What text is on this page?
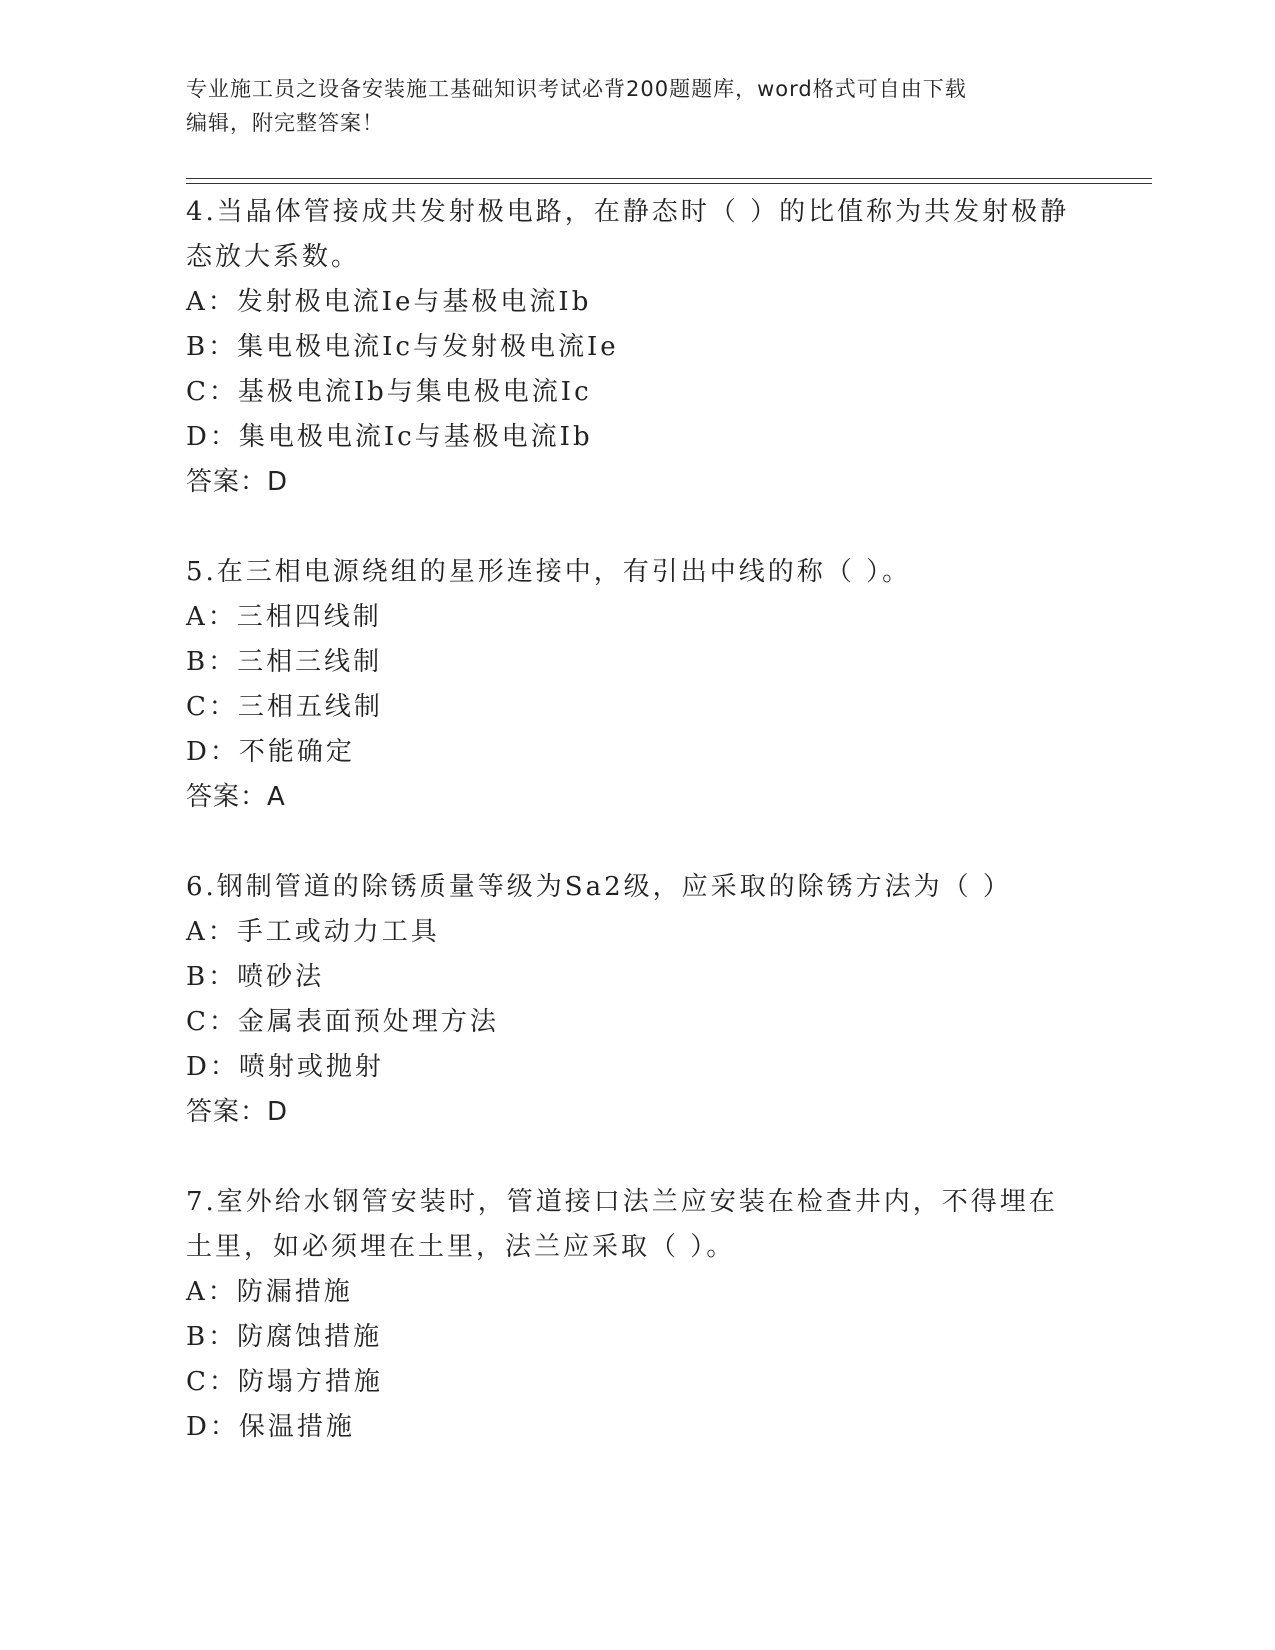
专业施工员之设备安装施工基础知识考试必背200题题库，word格式可自由下载
编辑，附完整答案！

4.当晶体管接成共发射极电路，在静态时（ ）的比值称为共发射极静态放大系数。

A：发射极电流Ie与基极电流Ib

B：集电极电流Ic与发射极电流Ie

C：基极电流Ib与集电极电流Ic

D：集电极电流Ic与基极电流Ib

答案：D

5.在三相电源绕组的星形连接中，有引出中线的称（ ）。

A：三相四线制

B：三相三线制

C：三相五线制

D：不能确定

答案：A

6.钢制管道的除锈质量等级为Sa2级，应采取的除锈方法为（ ）

A：手工或动力工具

B：喷砂法

C：金属表面预处理方法

D：喷射或抛射

答案：D

7.室外给水钢管安装时，管道接口法兰应安装在检查井内，不得埋在土里，如必须埋在土里，法兰应采取（ ）。

A：防漏措施

B：防腐蚀措施

C：防塌方措施

D：保温措施
